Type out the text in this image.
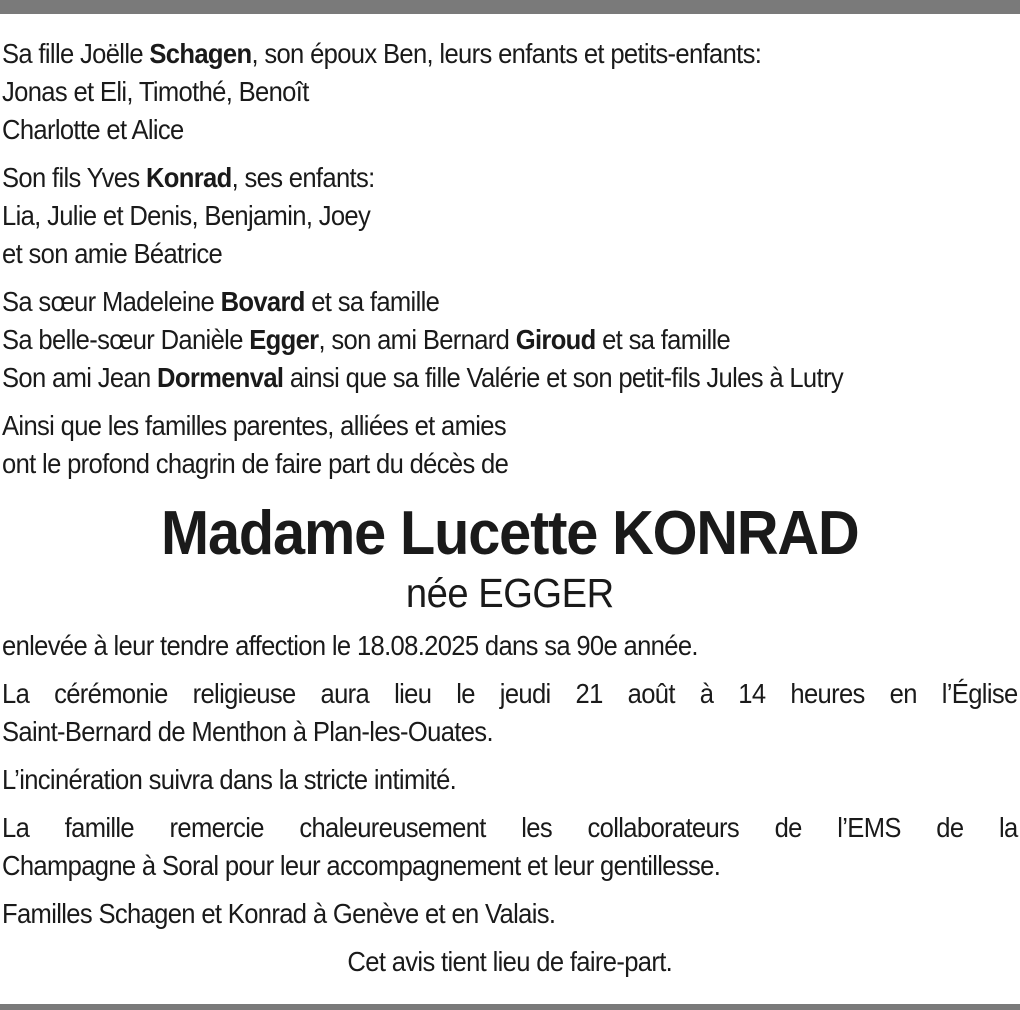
Sa fille Joëlle Schagen, son époux Ben, leurs enfants et petits-enfants:
Jonas et Eli, Timothé, Benoît
Charlotte et Alice
Son fils Yves Konrad, ses enfants:
Lia, Julie et Denis, Benjamin, Joey
et son amie Béatrice
Sa sœur Madeleine Bovard et sa famille
Sa belle-sœur Danièle Egger, son ami Bernard Giroud et sa famille
Son ami Jean Dormenval ainsi que sa fille Valérie et son petit-fils Jules à Lutry
Ainsi que les familles parentes, alliées et amies
ont le profond chagrin de faire part du décès de
Madame Lucette KONRAD
née EGGER
enlevée à leur tendre affection le 18.08.2025 dans sa 90e année.
La cérémonie religieuse aura lieu le jeudi 21 août à 14 heures en l’Église
Saint-Bernard de Menthon à Plan-les-Ouates.
L’incinération suivra dans la stricte intimité.
La famille remercie chaleureusement les collaborateurs de l’EMS de la
Champagne à Soral pour leur accompagnement et leur gentillesse.
Familles Schagen et Konrad à Genève et en Valais.
Cet avis tient lieu de faire-part.
